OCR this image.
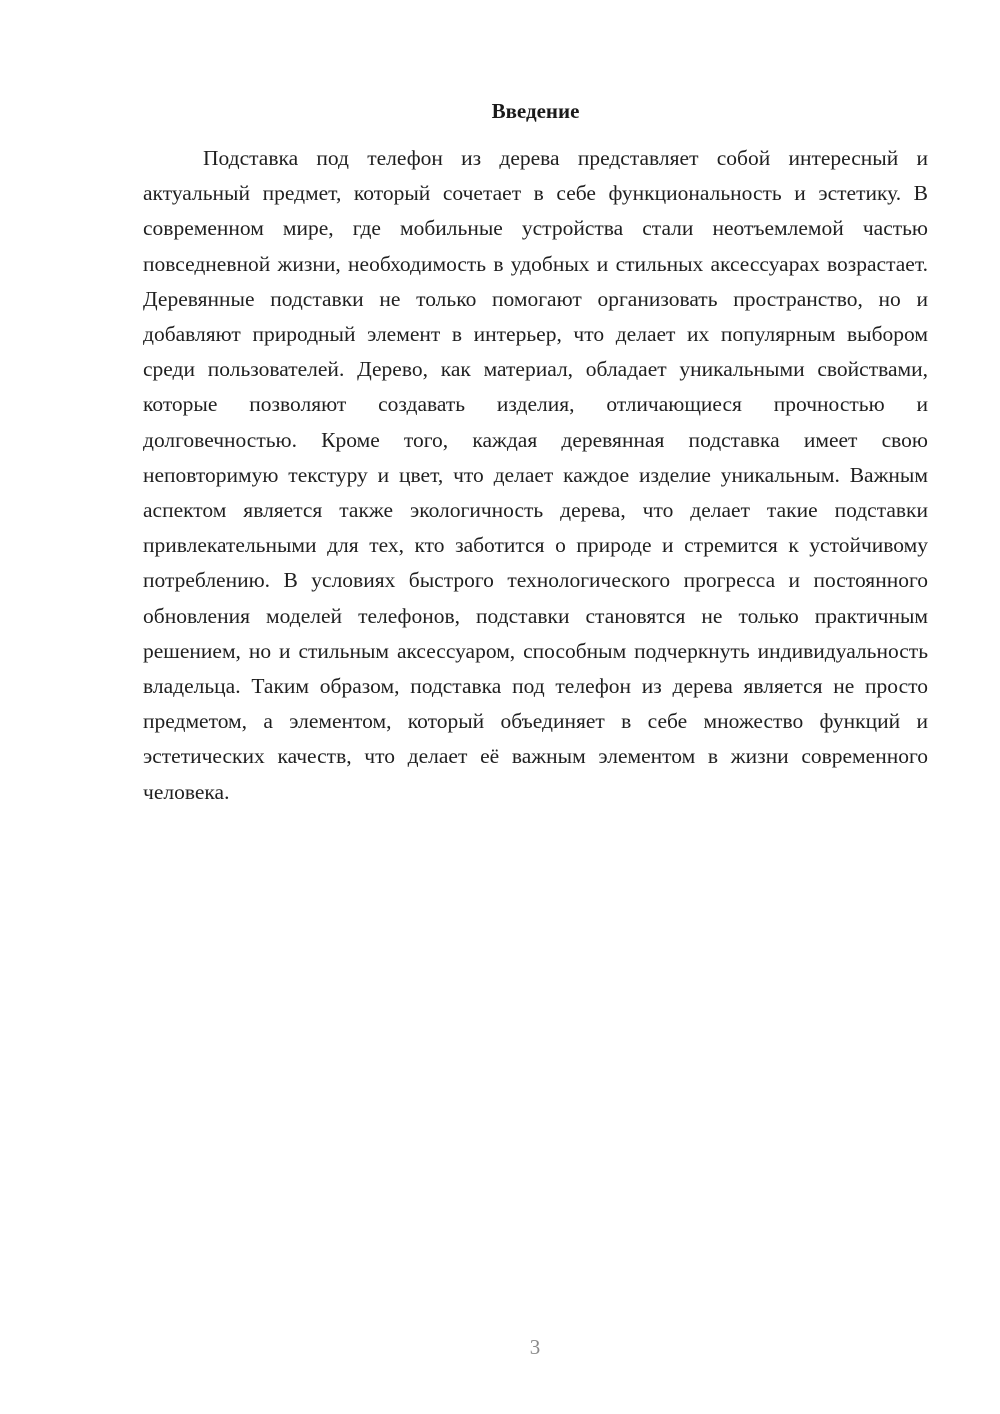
Введение

Подставка под телефон из дерева представляет собой интересный и актуальный предмет, который сочетает в себе функциональность и эстетику. В современном мире, где мобильные устройства стали неотъемлемой частью повседневной жизни, необходимость в удобных и стильных аксессуарах возрастает. Деревянные подставки не только помогают организовать пространство, но и добавляют природный элемент в интерьер, что делает их популярным выбором среди пользователей. Дерево, как материал, обладает уникальными свойствами, которые позволяют создавать изделия, отличающиеся прочностью и долговечностью. Кроме того, каждая деревянная подставка имеет свою неповторимую текстуру и цвет, что делает каждое изделие уникальным. Важным аспектом является также экологичность дерева, что делает такие подставки привлекательными для тех, кто заботится о природе и стремится к устойчивому потреблению. В условиях быстрого технологического прогресса и постоянного обновления моделей телефонов, подставки становятся не только практичным решением, но и стильным аксессуаром, способным подчеркнуть индивидуальность владельца. Таким образом, подставка под телефон из дерева является не просто предметом, а элементом, который объединяет в себе множество функций и эстетических качеств, что делает её важным элементом в жизни современного человека.

3
